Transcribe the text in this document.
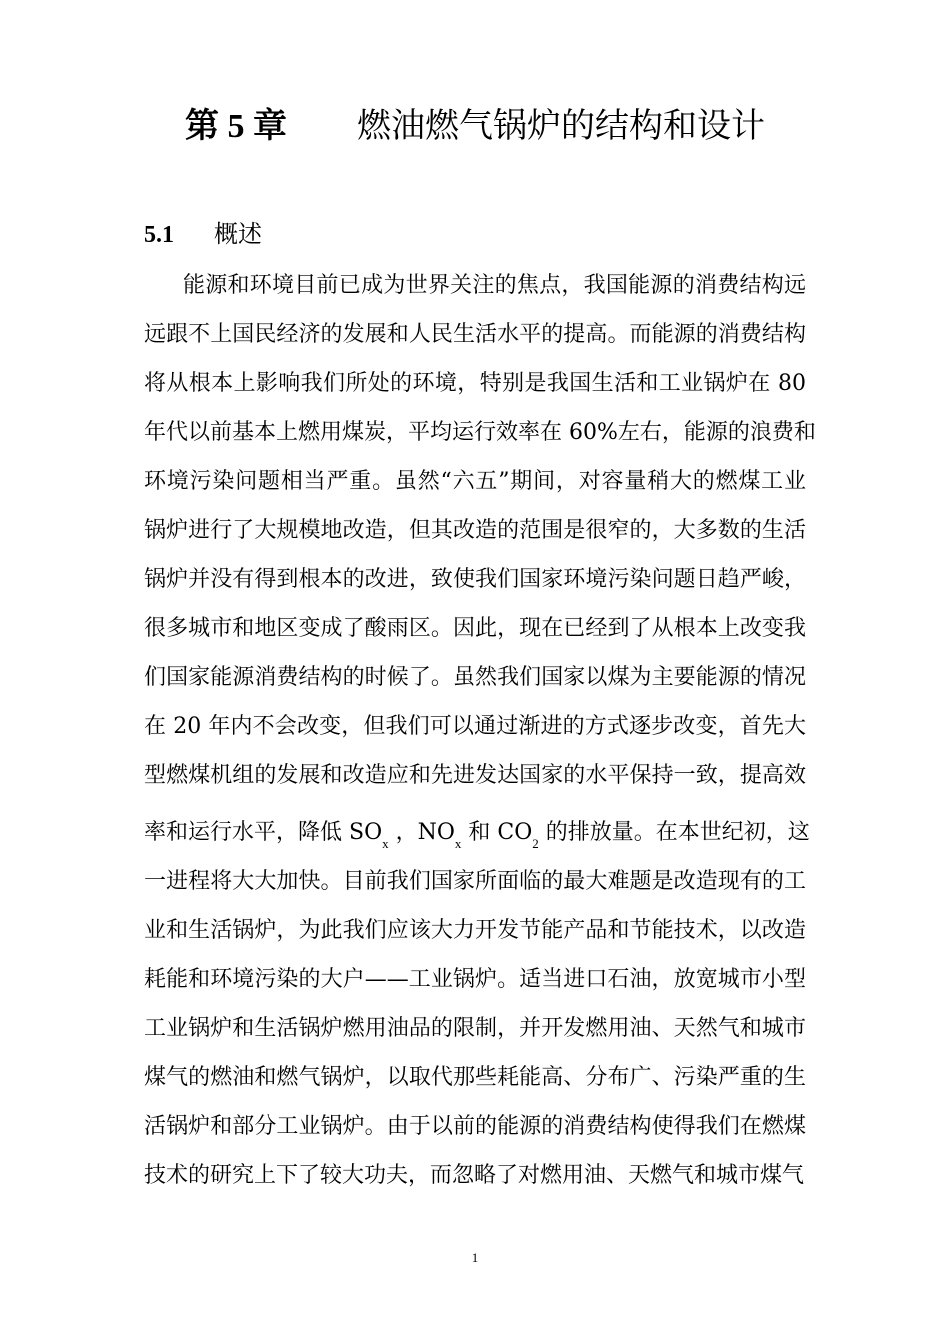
第 5 章 燃油燃气锅炉的结构和设计
5.1 概述
能源和环境目前已成为世界关注的焦点，我国能源的消费结构远
远跟不上国民经济的发展和人民生活水平的提高。而能源的消费结构
将从根本上影响我们所处的环境，特别是我国生活和工业锅炉在 80
年代以前基本上燃用煤炭，平均运行效率在 60%左右，能源的浪费和
环境污染问题相当严重。虽然“六五”期间，对容量稍大的燃煤工业
锅炉进行了大规模地改造，但其改造的范围是很窄的，大多数的生活
锅炉并没有得到根本的改进，致使我们国家环境污染问题日趋严峻，
很多城市和地区变成了酸雨区。因此，现在已经到了从根本上改变我
们国家能源消费结构的时候了。虽然我们国家以煤为主要能源的情况
在 20 年内不会改变，但我们可以通过渐进的方式逐步改变，首先大
型燃煤机组的发展和改造应和先进发达国家的水平保持一致，提高效
率和运行水平，降低 $SO_x$ ，$NO_x$ 和 $CO_2$ 的排放量。在本世纪初，这
一进程将大大加快。目前我们国家所面临的最大难题是改造现有的工
业和生活锅炉，为此我们应该大力开发节能产品和节能技术，以改造
耗能和环境污染的大户——工业锅炉。适当进口石油，放宽城市小型
工业锅炉和生活锅炉燃用油品的限制，并开发燃用油、天然气和城市
煤气的燃油和燃气锅炉，以取代那些耗能高、分布广、污染严重的生
活锅炉和部分工业锅炉。由于以前的能源的消费结构使得我们在燃煤
技术的研究上下了较大功夫，而忽略了对燃用油、天燃气和城市煤气
1
